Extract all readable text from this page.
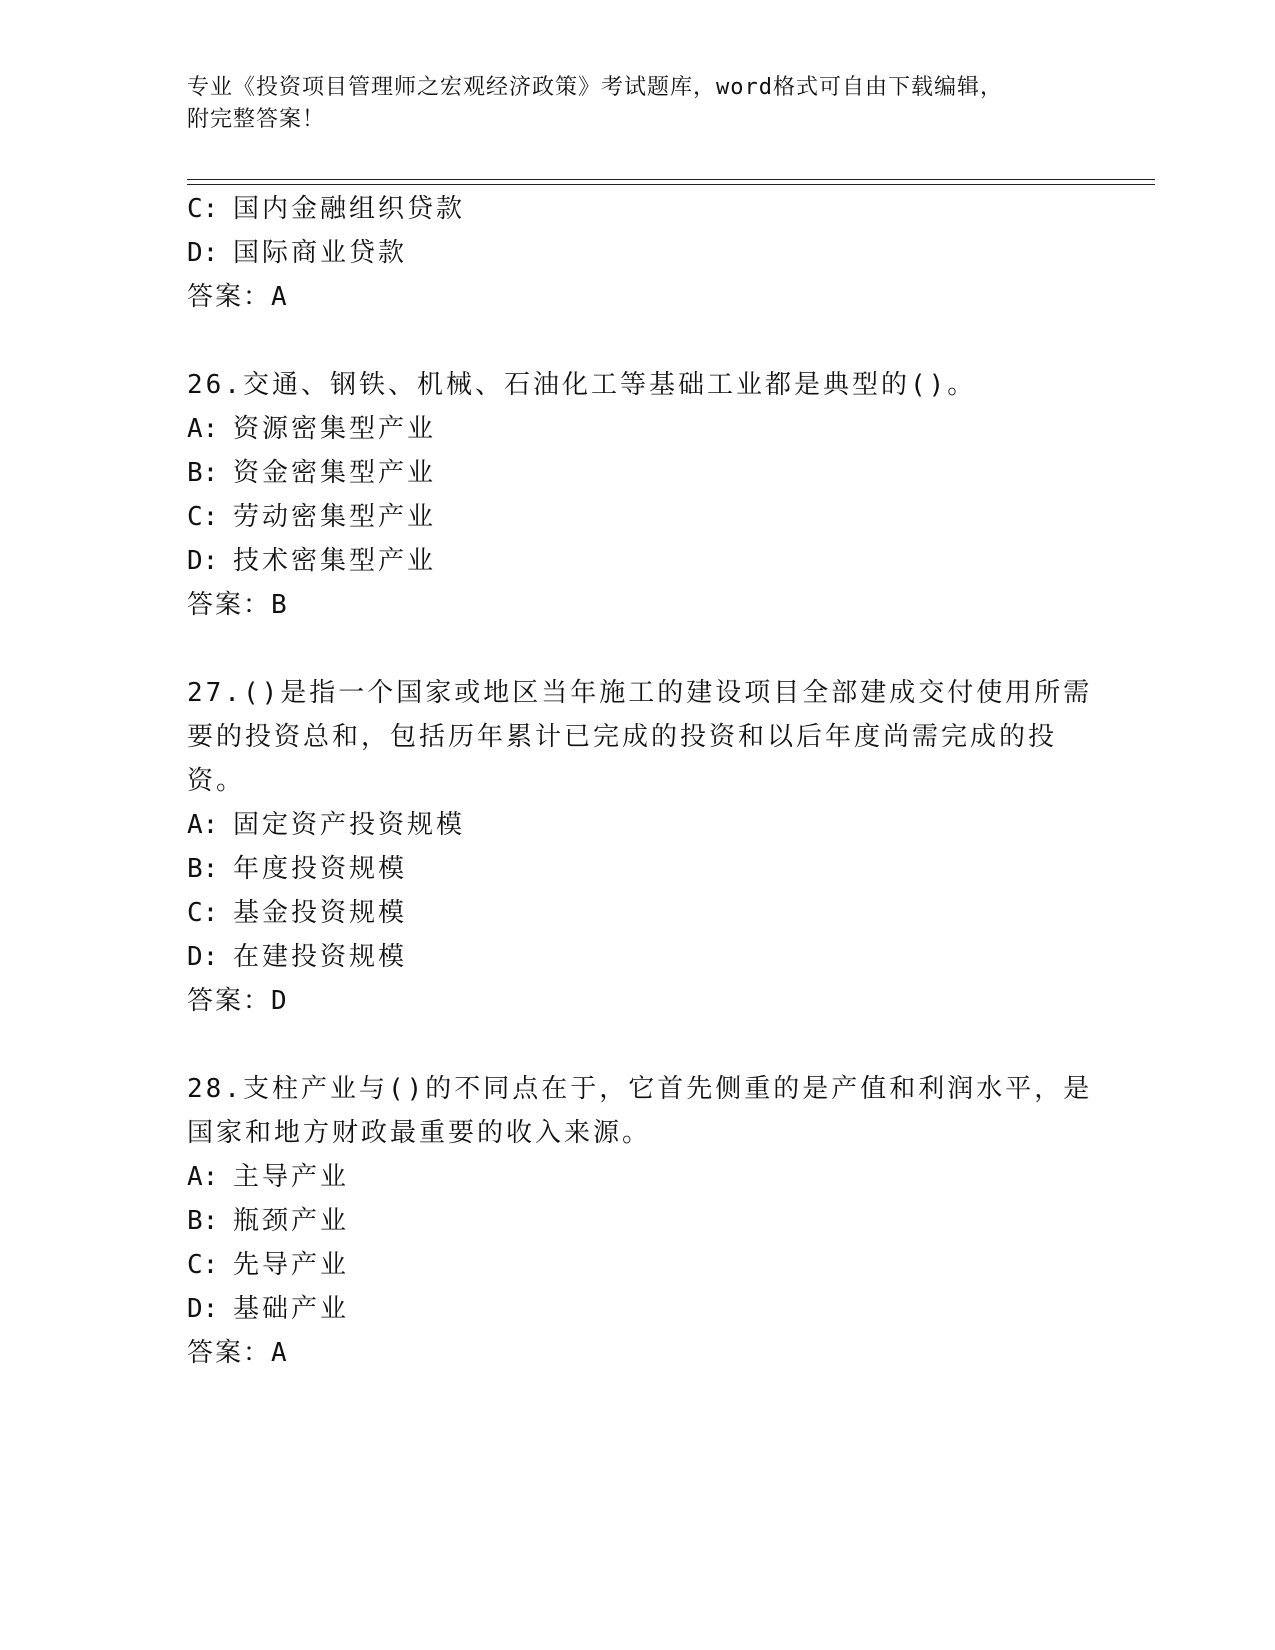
专业《投资项目管理师之宏观经济政策》考试题库，word格式可自由下载编辑，
附完整答案！
C: 国内金融组织贷款
D: 国际商业贷款
答案：A
26.交通、钢铁、机械、石油化工等基础工业都是典型的()。
A: 资源密集型产业
B: 资金密集型产业
C: 劳动密集型产业
D: 技术密集型产业
答案：B
27.()是指一个国家或地区当年施工的建设项目全部建成交付使用所需
要的投资总和，包括历年累计已完成的投资和以后年度尚需完成的投
资。
A: 固定资产投资规模
B: 年度投资规模
C: 基金投资规模
D: 在建投资规模
答案：D
28.支柱产业与()的不同点在于，它首先侧重的是产值和利润水平，是
国家和地方财政最重要的收入来源。
A: 主导产业
B: 瓶颈产业
C: 先导产业
D: 基础产业
答案：A
